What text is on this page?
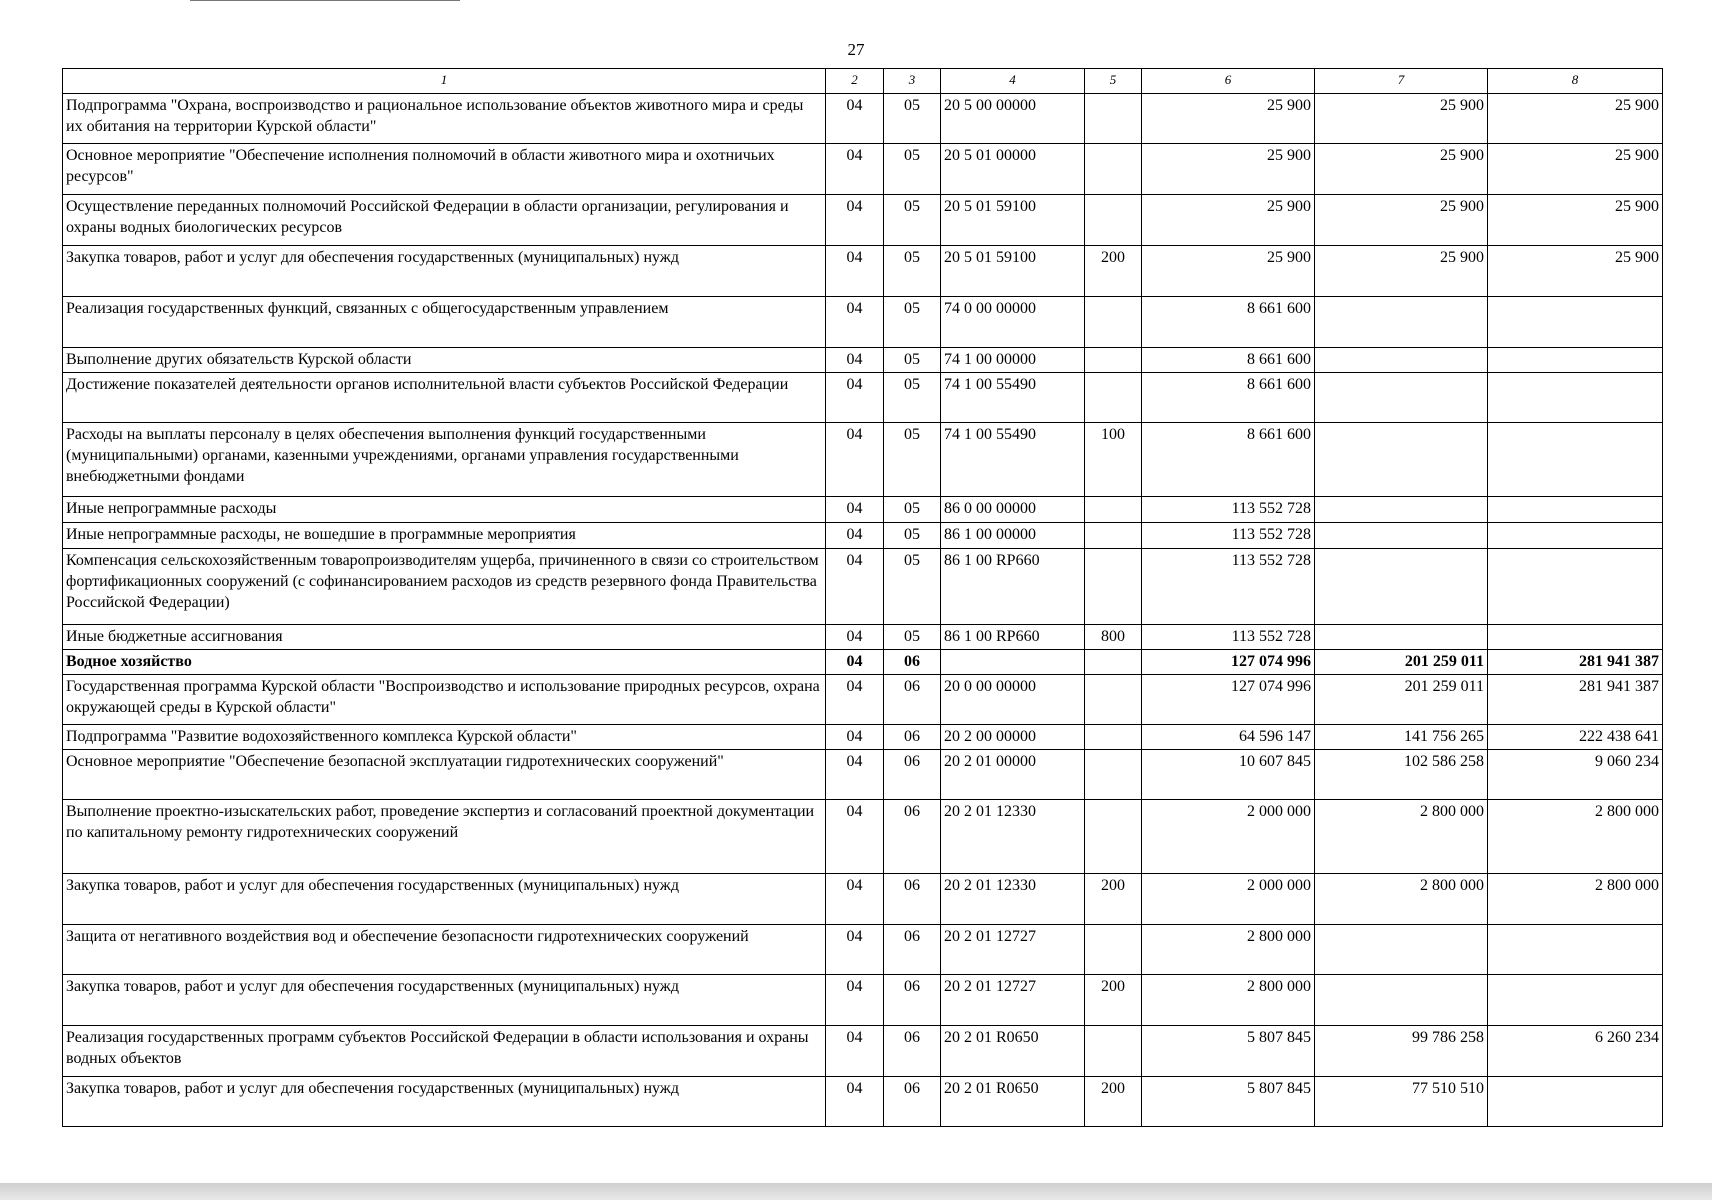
27
1	2	3	4	5	6	7	8
Подпрограмма "Охрана, воспроизводство и рациональное использование объектов животного мира и среды их обитания на территории Курской области"	04	05	20 5 00 00000		25 900	25 900	25 900
Основное мероприятие "Обеспечение исполнения полномочий в области животного мира и охотничьих ресурсов"	04	05	20 5 01 00000		25 900	25 900	25 900
Осуществление переданных полномочий Российской Федерации в области организации, регулирования и охраны водных биологических ресурсов	04	05	20 5 01 59100		25 900	25 900	25 900
Закупка товаров, работ и услуг для обеспечения государственных (муниципальных) нужд	04	05	20 5 01 59100	200	25 900	25 900	25 900
Реализация государственных функций, связанных с общегосударственным управлением	04	05	74 0 00 00000		8 661 600		
Выполнение других обязательств Курской области	04	05	74 1 00 00000		8 661 600		
Достижение показателей деятельности органов исполнительной власти субъектов Российской Федерации	04	05	74 1 00 55490		8 661 600		
Расходы на выплаты персоналу в целях обеспечения выполнения функций государственными (муниципальными) органами, казенными учреждениями, органами управления государственными внебюджетными фондами	04	05	74 1 00 55490	100	8 661 600		
Иные непрограммные расходы	04	05	86 0 00 00000		113 552 728		
Иные непрограммные расходы, не вошедшие в программные мероприятия	04	05	86 1 00 00000		113 552 728		
Компенсация сельскохозяйственным товаропроизводителям ущерба, причиненного в связи со строительством фортификационных сооружений (с софинансированием расходов из средств резервного фонда Правительства Российской Федерации)	04	05	86 1 00 RP660		113 552 728		
Иные бюджетные ассигнования	04	05	86 1 00 RP660	800	113 552 728		
Водное хозяйство	04	06			127 074 996	201 259 011	281 941 387
Государственная программа Курской области "Воспроизводство и использование природных ресурсов, охрана окружающей среды в Курской области"	04	06	20 0 00 00000		127 074 996	201 259 011	281 941 387
Подпрограмма "Развитие водохозяйственного комплекса Курской области"	04	06	20 2 00 00000		64 596 147	141 756 265	222 438 641
Основное мероприятие "Обеспечение безопасной эксплуатации гидротехнических сооружений"	04	06	20 2 01 00000		10 607 845	102 586 258	9 060 234
Выполнение проектно-изыскательских работ, проведение экспертиз и согласований проектной документации по капитальному ремонту гидротехнических сооружений	04	06	20 2 01 12330		2 000 000	2 800 000	2 800 000
Закупка товаров, работ и услуг для обеспечения государственных (муниципальных) нужд	04	06	20 2 01 12330	200	2 000 000	2 800 000	2 800 000
Защита от негативного воздействия вод и обеспечение безопасности гидротехнических сооружений	04	06	20 2 01 12727		2 800 000		
Закупка товаров, работ и услуг для обеспечения государственных (муниципальных) нужд	04	06	20 2 01 12727	200	2 800 000		
Реализация государственных программ субъектов Российской Федерации в области использования и охраны водных объектов	04	06	20 2 01 R0650		5 807 845	99 786 258	6 260 234
Закупка товаров, работ и услуг для обеспечения государственных (муниципальных) нужд	04	06	20 2 01 R0650	200	5 807 845	77 510 510	
